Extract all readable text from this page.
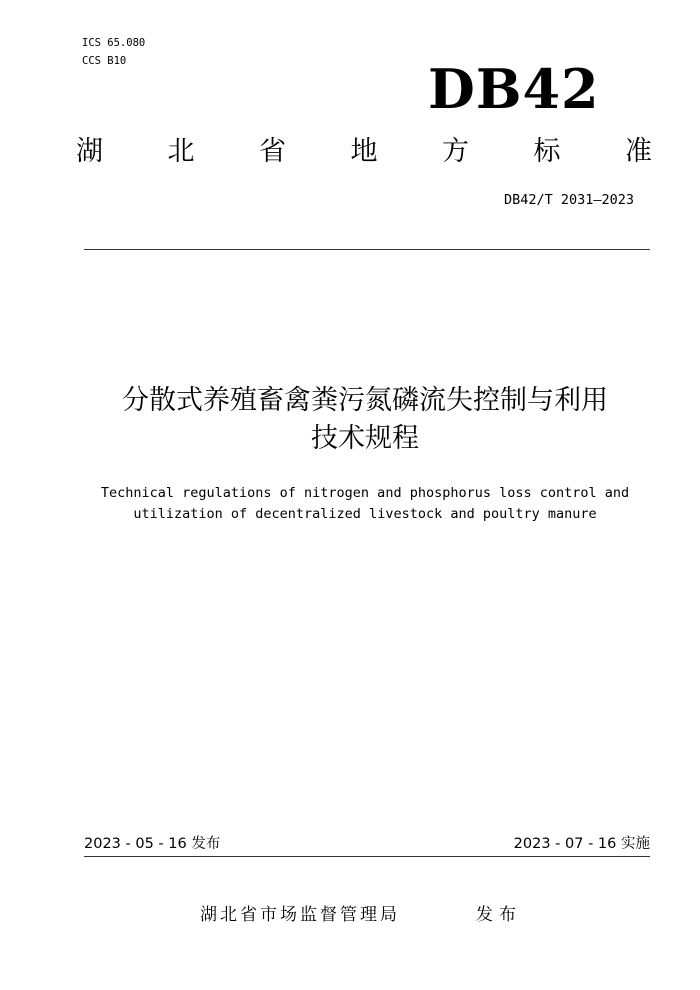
ICS 65.080
CCS B10	DB42
湖 北 省 地 方 标 准
DB42/T 2031—2023
分散式养殖畜禽粪污氮磷流失控制与利用
技术规程
Technical regulations of nitrogen and phosphorus loss control and
utilization of decentralized livestock and poultry manure
2023 - 05 - 16 发布	2023 - 07 - 16 实施
湖北省市场监督管理局	发布
